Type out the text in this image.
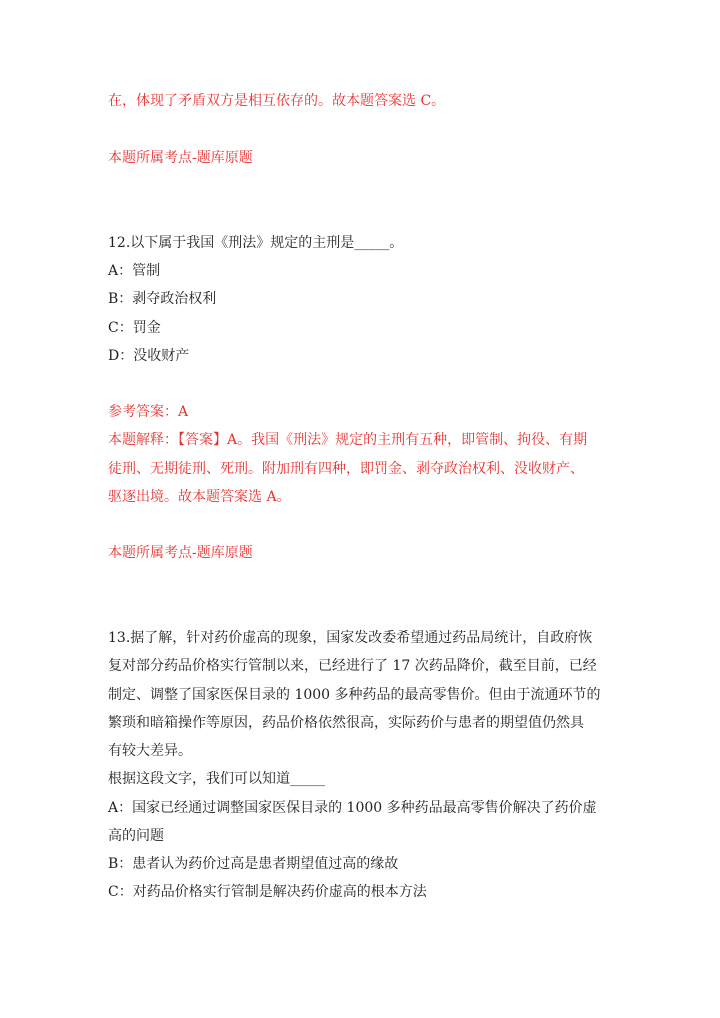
在，体现了矛盾双方是相互依存的。故本题答案选 C。
本题所属考点-题库原题
12.以下属于我国《刑法》规定的主刑是_____。
A：管制
B：剥夺政治权利
C：罚金
D：没收财产
参考答案：A
本题解释：【答案】A。我国《刑法》规定的主刑有五种，即管制、拘役、有期
徒刑、无期徒刑、死刑。附加刑有四种，即罚金、剥夺政治权利、没收财产、
驱逐出境。故本题答案选 A。
本题所属考点-题库原题
13.据了解，针对药价虚高的现象，国家发改委希望通过药品局统计，自政府恢
复对部分药品价格实行管制以来，已经进行了 17 次药品降价，截至目前，已经
制定、调整了国家医保目录的 1000 多种药品的最高零售价。但由于流通环节的
繁琐和暗箱操作等原因，药品价格依然很高，实际药价与患者的期望值仍然具
有较大差异。
根据这段文字，我们可以知道_____
A：国家已经通过调整国家医保目录的 1000 多种药品最高零售价解决了药价虚
高的问题
B：患者认为药价过高是患者期望值过高的缘故
C：对药品价格实行管制是解决药价虚高的根本方法
